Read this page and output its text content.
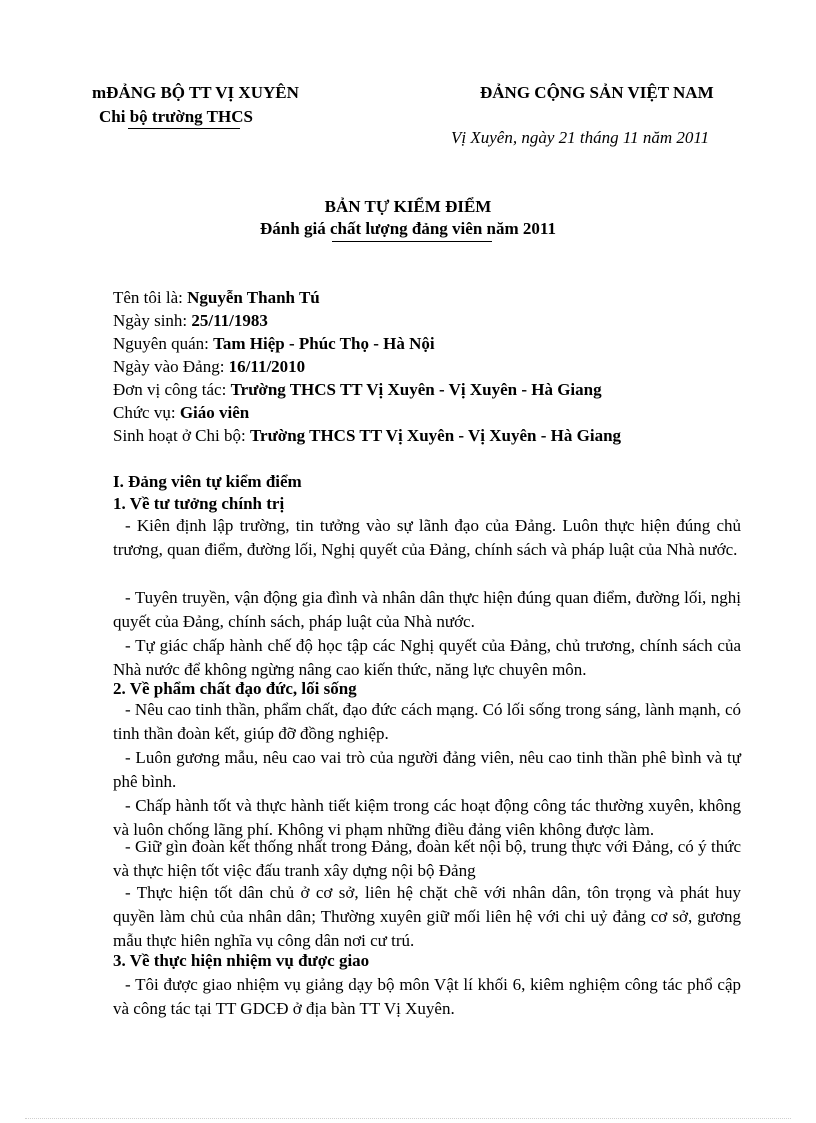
mĐẢNG BỘ TT VỊ XUYÊN
Chi bộ trường THCS
ĐẢNG CỘNG SẢN VIỆT NAM
Vị Xuyên, ngày 21 tháng 11 năm 2011
BẢN TỰ KIỂM ĐIỂM
Đánh giá chất lượng đảng viên năm 2011
Tên tôi là: Nguyễn Thanh Tú
Ngày sinh: 25/11/1983
Nguyên quán: Tam Hiệp - Phúc Thọ - Hà Nội
Ngày vào Đảng: 16/11/2010
Đơn vị công tác: Trường THCS TT Vị Xuyên - Vị Xuyên - Hà Giang
Chức vụ: Giáo viên
Sinh hoạt ở Chi bộ: Trường THCS TT Vị Xuyên - Vị Xuyên - Hà Giang
I. Đảng viên tự kiểm điểm
1. Về tư tưởng chính trị
- Kiên định lập trường, tin tưởng vào sự lãnh đạo của Đảng. Luôn thực hiện đúng chủ trương, quan điểm, đường lối, Nghị quyết của Đảng, chính sách và pháp luật của Nhà nước.
- Tuyên truyền, vận động gia đình và nhân dân thực hiện đúng quan điểm, đường lối, nghị quyết của Đảng, chính sách, pháp luật của Nhà nước.
- Tự giác chấp hành chế độ học tập các Nghị quyết của Đảng, chủ trương, chính sách của Nhà nước để không ngừng nâng cao kiến thức, năng lực chuyên môn.
2. Về phẩm chất đạo đức, lối sống
- Nêu cao tinh thần, phẩm chất, đạo đức cách mạng. Có lối sống trong sáng, lành mạnh, có tinh thần đoàn kết, giúp đỡ đồng nghiệp.
- Luôn gương mẫu, nêu cao vai trò của người đảng viên, nêu cao tinh thần phê bình và tự phê bình.
- Chấp hành tốt và thực hành tiết kiệm trong các hoạt động công tác thường xuyên, không và luôn chống lãng phí. Không vi phạm những điều đảng viên không được làm.
- Giữ gìn đoàn kết thống nhất trong Đảng, đoàn kết nội bộ, trung thực với Đảng, có ý thức và thực hiện tốt việc đấu tranh xây dựng nội bộ Đảng
- Thực hiện tốt dân chủ ở cơ sở, liên hệ chặt chẽ với nhân dân, tôn trọng và phát huy quyền làm chủ của nhân dân; Thường xuyên giữ mối liên hệ với chi uỷ đảng cơ sở, gương mẫu thực hiên nghĩa vụ công dân nơi cư trú.
3. Về thực hiện nhiệm vụ được giao
- Tôi được giao nhiệm vụ giảng dạy bộ môn Vật lí khối 6, kiêm nghiệm công tác phổ cập và công tác tại TT GDCĐ ở địa bàn TT Vị Xuyên.
